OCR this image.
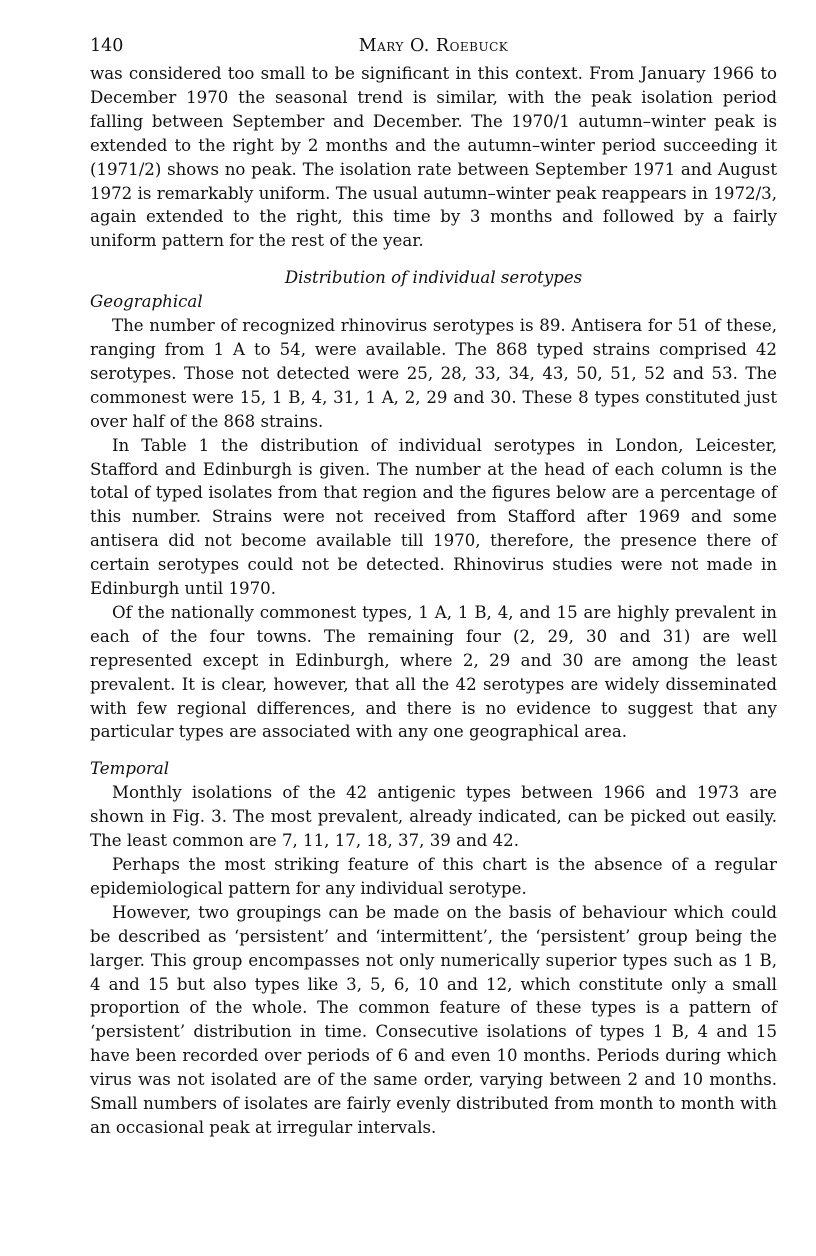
140	Mary O. Roebuck

was considered too small to be significant in this context. From January 1966 to December 1970 the seasonal trend is similar, with the peak isolation period falling between September and December. The 1970/1 autumn–winter peak is extended to the right by 2 months and the autumn–winter period succeeding it (1971/2) shows no peak. The isolation rate between September 1971 and August 1972 is remarkably uniform. The usual autumn–winter peak reappears in 1972/3, again extended to the right, this time by 3 months and followed by a fairly uniform pattern for the rest of the year.

Distribution of individual serotypes
Geographical

The number of recognized rhinovirus serotypes is 89. Antisera for 51 of these, ranging from 1 A to 54, were available. The 868 typed strains comprised 42 serotypes. Those not detected were 25, 28, 33, 34, 43, 50, 51, 52 and 53. The commonest were 15, 1 B, 4, 31, 1 A, 2, 29 and 30. These 8 types constituted just over half of the 868 strains.

In Table 1 the distribution of individual serotypes in London, Leicester, Stafford and Edinburgh is given. The number at the head of each column is the total of typed isolates from that region and the figures below are a percentage of this number. Strains were not received from Stafford after 1969 and some antisera did not become available till 1970, therefore, the presence there of certain serotypes could not be detected. Rhinovirus studies were not made in Edinburgh until 1970.

Of the nationally commonest types, 1 A, 1 B, 4, and 15 are highly prevalent in each of the four towns. The remaining four (2, 29, 30 and 31) are well represented except in Edinburgh, where 2, 29 and 30 are among the least prevalent. It is clear, however, that all the 42 serotypes are widely disseminated with few regional differences, and there is no evidence to suggest that any particular types are associated with any one geographical area.

Temporal

Monthly isolations of the 42 antigenic types between 1966 and 1973 are shown in Fig. 3. The most prevalent, already indicated, can be picked out easily. The least common are 7, 11, 17, 18, 37, 39 and 42.

Perhaps the most striking feature of this chart is the absence of a regular epidemiological pattern for any individual serotype.

However, two groupings can be made on the basis of behaviour which could be described as ‘persistent’ and ‘intermittent’, the ‘persistent’ group being the larger. This group encompasses not only numerically superior types such as 1 B, 4 and 15 but also types like 3, 5, 6, 10 and 12, which constitute only a small proportion of the whole. The common feature of these types is a pattern of ‘persistent’ distribution in time. Consecutive isolations of types 1 B, 4 and 15 have been recorded over periods of 6 and even 10 months. Periods during which virus was not isolated are of the same order, varying between 2 and 10 months. Small numbers of isolates are fairly evenly distributed from month to month with an occasional peak at irregular intervals.
